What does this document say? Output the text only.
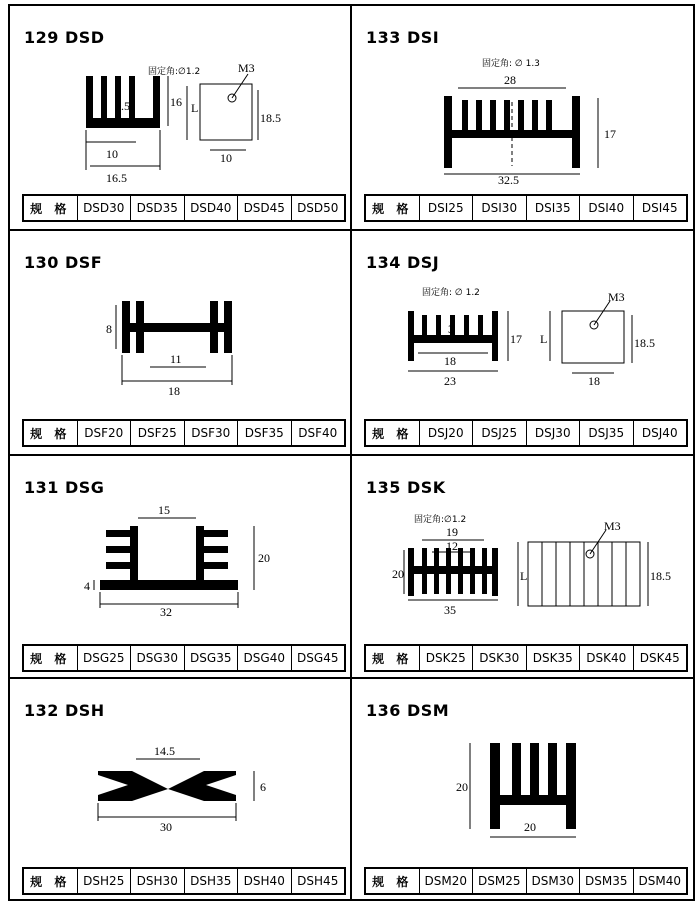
129 DSD
10
16.5
2.5	16 L
固定角:∅1.2	M3
18.5
10
规 格	DSD30	DSD35	DSD40	DSD45	DSD50
133 DSI
固定角: ∅ 1.3
28
32.5
17
规 格	DSI25	DSI30	DSI35	DSI40	DSI45
130 DSF
8
11
18
规 格	DSF20	DSF25	DSF30	DSF35	DSF40
134 DSJ
固定角: ∅ 1.2
3
18
23
17 L
M3
18.5
18
规 格	DSJ20	DSJ25	DSJ30	DSJ35	DSJ40
131 DSG
15
32
20
4
规 格	DSG25	DSG30	DSG35	DSG40	DSG45
135 DSK
固定角:∅1.2
19
12
35
20	L
M3
18.5
规 格	DSK25	DSK30	DSK35	DSK40	DSK45
132 DSH
14.5
30
6
规 格	DSH25	DSH30	DSH35	DSH40	DSH45
136 DSM
20
20
规 格	DSM20 DSM25 DSM30 DSM35 DSM40
